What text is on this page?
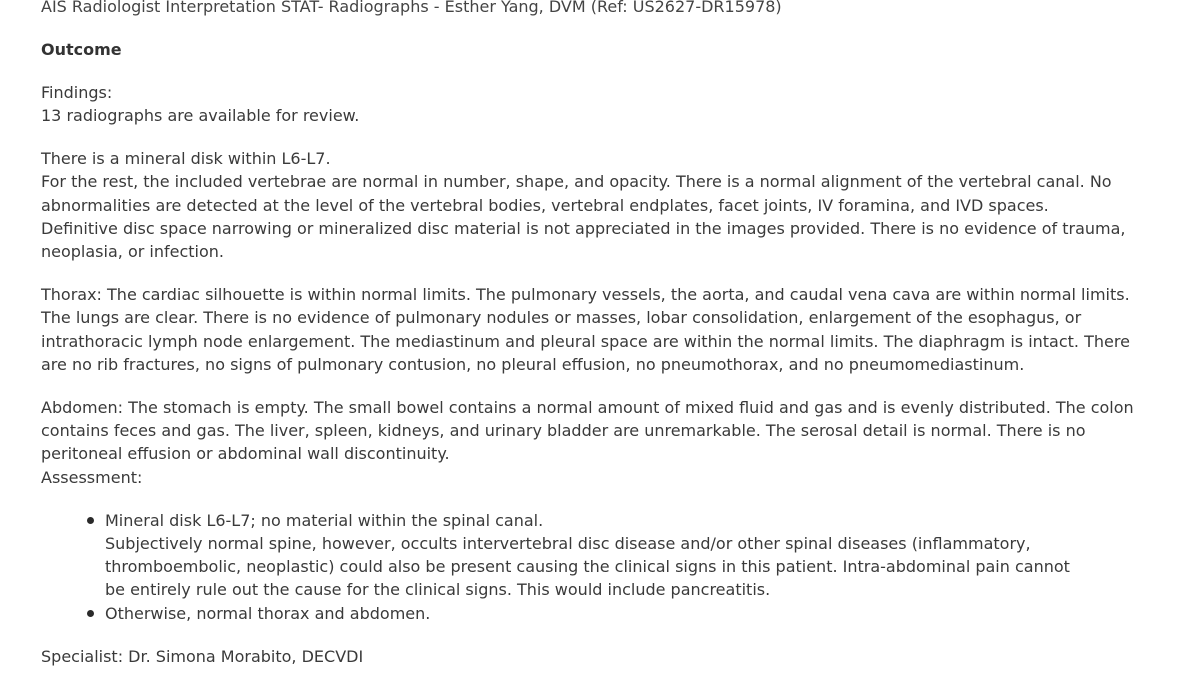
AIS Radiologist Interpretation STAT- Radiographs - Esther Yang, DVM (Ref: US2627-DR15978)

Outcome

Findings:
13 radiographs are available for review.
There is a mineral disk within L6-L7.
For the rest, the included vertebrae are normal in number, shape, and opacity. There is a normal alignment of the vertebral canal. No
abnormalities are detected at the level of the vertebral bodies, vertebral endplates, facet joints, IV foramina, and IVD spaces.
Definitive disc space narrowing or mineralized disc material is not appreciated in the images provided. There is no evidence of trauma,
neoplasia, or infection.
Thorax: The cardiac silhouette is within normal limits. The pulmonary vessels, the aorta, and caudal vena cava are within normal limits.
The lungs are clear. There is no evidence of pulmonary nodules or masses, lobar consolidation, enlargement of the esophagus, or
intrathoracic lymph node enlargement. The mediastinum and pleural space are within the normal limits. The diaphragm is intact. There
are no rib fractures, no signs of pulmonary contusion, no pleural effusion, no pneumothorax, and no pneumomediastinum.
Abdomen: The stomach is empty. The small bowel contains a normal amount of mixed fluid and gas and is evenly distributed. The colon
contains feces and gas. The liver, spleen, kidneys, and urinary bladder are unremarkable. The serosal detail is normal. There is no
peritoneal effusion or abdominal wall discontinuity.
Assessment:
Mineral disk L6-L7; no material within the spinal canal.
Subjectively normal spine, however, occults intervertebral disc disease and/or other spinal diseases (inflammatory,
thromboembolic, neoplastic) could also be present causing the clinical signs in this patient. Intra-abdominal pain cannot
be entirely rule out the cause for the clinical signs. This would include pancreatitis.
Otherwise, normal thorax and abdomen.

Specialist: Dr. Simona Morabito, DECVDI
